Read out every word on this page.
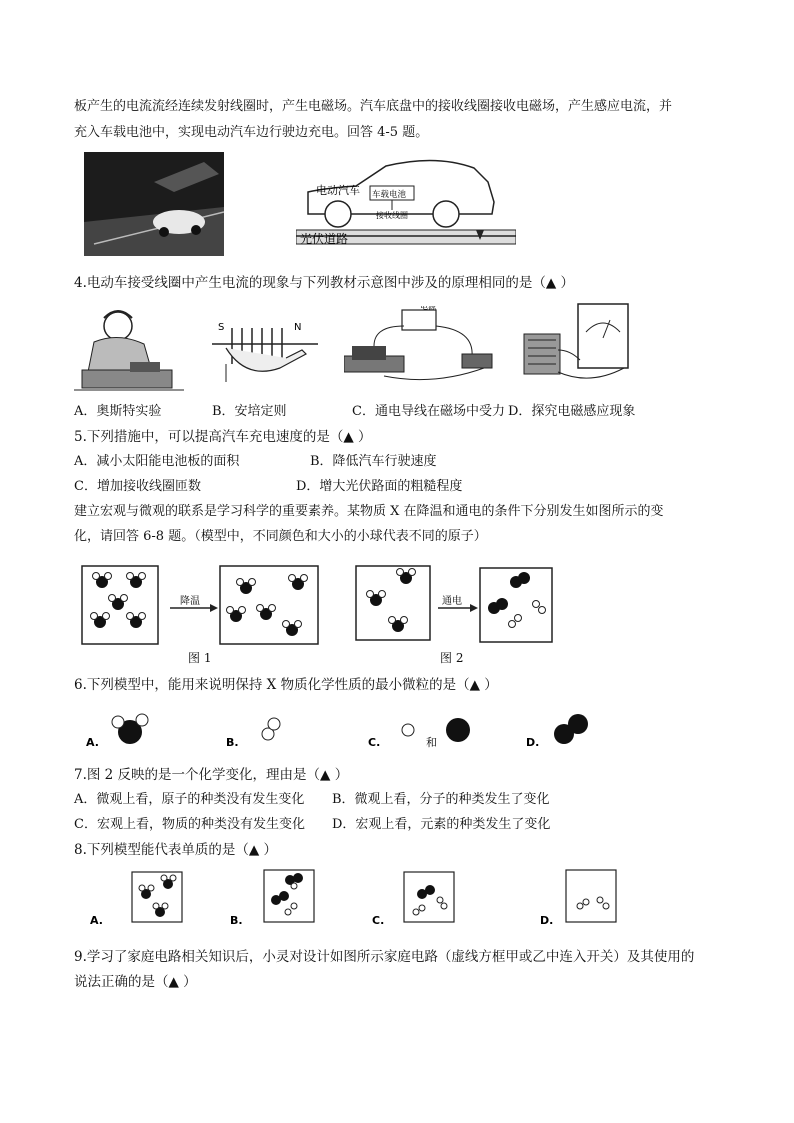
板产生的电流流经连续发射线圈时，产生电磁场。汽车底盘中的接收线圈接收电磁场，产生感应电流，并
充入车载电池中，实现电动汽车边行驶边充电。回答 4-5 题。
电动汽车 车载电池
接收线圈
光伏道路
4.电动车接受线圈中产生电流的现象与下列教材示意图中涉及的原理相同的是（▲ ）
S	N
电源
A．奥斯特实验	B．安培定则	C．通电导线在磁场中受力 D．探究电磁感应现象
5.下列措施中，可以提高汽车充电速度的是（▲ ）
A．减小太阳能电池板的面积	B．降低汽车行驶速度
C．增加接收线圈匝数	D．增大光伏路面的粗糙程度
建立宏观与微观的联系是学习科学的重要素养。某物质 X 在降温和通电的条件下分别发生如图所示的变
化，请回答 6-8 题。（模型中，不同颜色和大小的小球代表不同的原子）
降温	通电
图 1	图 2
6.下列模型中，能用来说明保持 X 物质化学性质的最小微粒的是（▲ ）
A.	B.	C.	和	D.
7.图 2 反映的是一个化学变化，理由是（▲ ）
A．微观上看，原子的种类没有发生变化 B．微观上看，分子的种类发生了变化
C．宏观上看，物质的种类没有发生变化 D．宏观上看，元素的种类发生了变化
8.下列模型能代表单质的是（▲ ）
A.	B.	C.	D.
9.学习了家庭电路相关知识后，小灵对设计如图所示家庭电路（虚线方框甲或乙中连入开关）及其使用的
说法正确的是（▲ ）
